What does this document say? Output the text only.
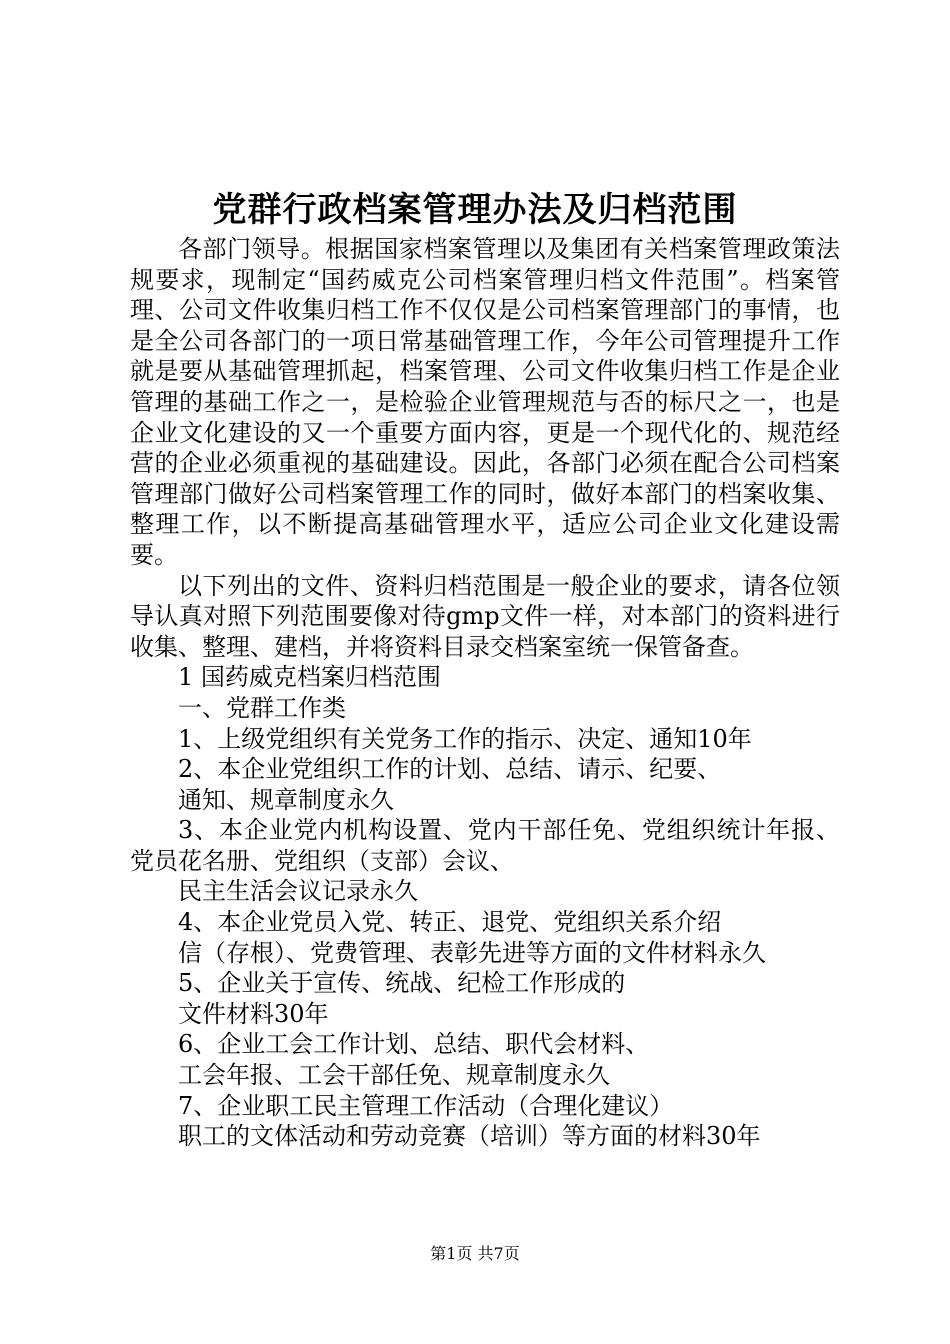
党群行政档案管理办法及归档范围

各部门领导。根据国家档案管理以及集团有关档案管理政策法规要求，现制定“国药威克公司档案管理归档文件范围”。档案管理、公司文件收集归档工作不仅仅是公司档案管理部门的事情，也是全公司各部门的一项日常基础管理工作，今年公司管理提升工作就是要从基础管理抓起，档案管理、公司文件收集归档工作是企业管理的基础工作之一，是检验企业管理规范与否的标尺之一，也是企业文化建设的又一个重要方面内容，更是一个现代化的、规范经营的企业必须重视的基础建设。因此，各部门必须在配合公司档案管理部门做好公司档案管理工作的同时，做好本部门的档案收集、整理工作，以不断提高基础管理水平，适应公司企业文化建设需要。

以下列出的文件、资料归档范围是一般企业的要求，请各位领导认真对照下列范围要像对待gmp文件一样，对本部门的资料进行收集、整理、建档，并将资料目录交档案室统一保管备查。

1 国药威克档案归档范围

一、党群工作类

1、上级党组织有关党务工作的指示、决定、通知10年

2、本企业党组织工作的计划、总结、请示、纪要、

通知、规章制度永久

3、本企业党内机构设置、党内干部任免、党组织统计年报、党员花名册、党组织（支部）会议、

民主生活会议记录永久

4、本企业党员入党、转正、退党、党组织关系介绍

信（存根）、党费管理、表彰先进等方面的文件材料永久

5、企业关于宣传、统战、纪检工作形成的

文件材料30年

6、企业工会工作计划、总结、职代会材料、

工会年报、工会干部任免、规章制度永久

7、企业职工民主管理工作活动（合理化建议）

职工的文体活动和劳动竞赛（培训）等方面的材料30年

第1页 共7页
